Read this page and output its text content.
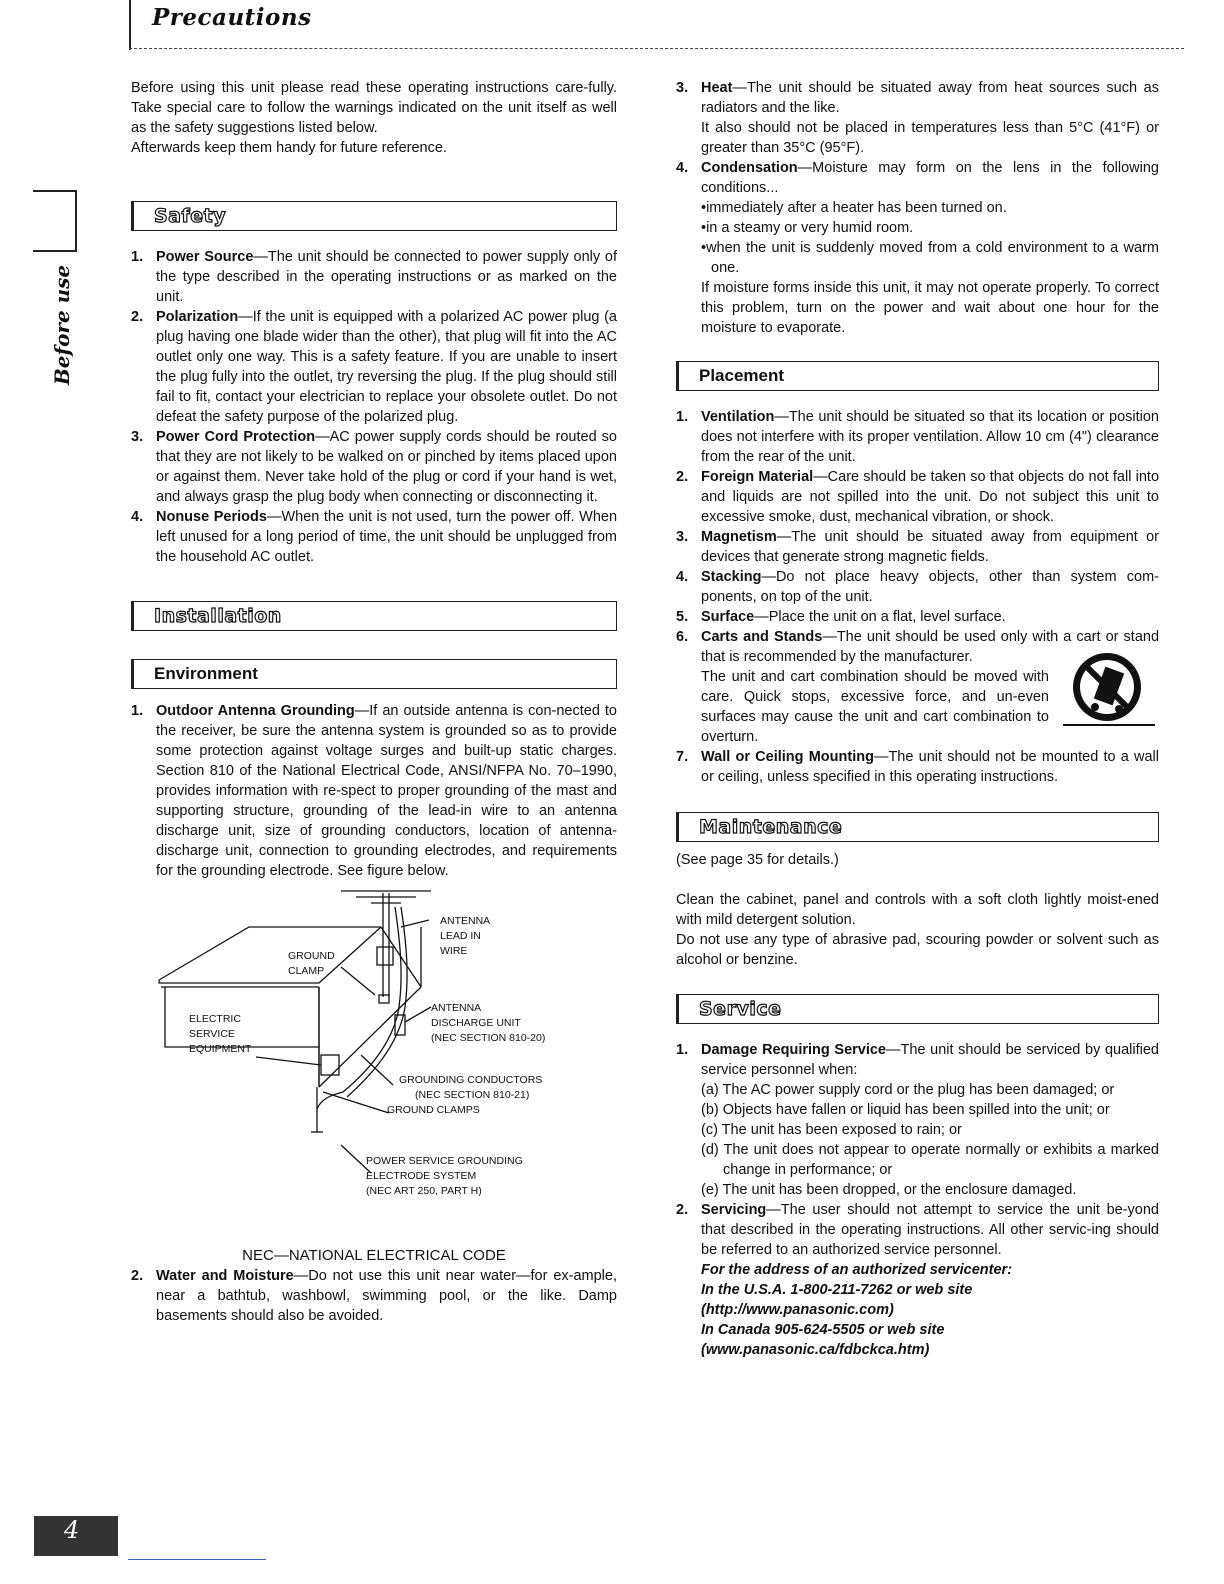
Precautions
Before use

Before using this unit please read these operating instructions care-fully. Take special care to follow the warnings indicated on the unit itself as well as the safety suggestions listed below.

Afterwards keep them handy for future reference.

Safety
1. Power Source—The unit should be connected to power supply only of the type described in the operating instructions or as marked on the unit.
2. Polarization—If the unit is equipped with a polarized AC power plug (a plug having one blade wider than the other), that plug will fit into the AC outlet only one way. This is a safety feature. If you are unable to insert the plug fully into the outlet, try reversing the plug. If the plug should still fail to fit, contact your electrician to replace your obsolete outlet. Do not defeat the safety purpose of the polarized plug.
3. Power Cord Protection—AC power supply cords should be routed so that they are not likely to be walked on or pinched by items placed upon or against them. Never take hold of the plug or cord if your hand is wet, and always grasp the plug body when connecting or disconnecting it.
4. Nonuse Periods—When the unit is not used, turn the power off. When left unused for a long period of time, the unit should be unplugged from the household AC outlet.
Installation
Environment
1. Outdoor Antenna Grounding—If an outside antenna is con-nected to the receiver, be sure the antenna system is grounded so as to provide some protection against voltage surges and built-up static charges. Section 810 of the National Electrical Code, ANSI/NFPA No. 70–1990, provides information with re-spect to proper grounding of the mast and supporting structure, grounding of the lead-in wire to an antenna discharge unit, size of grounding conductors, location of antenna-discharge unit, connection to grounding electrodes, and requirements for the grounding electrode. See figure below.
ANTENNA
LEAD IN
WIRE
GROUND
CLAMP
ELECTRIC
SERVICE
EQUIPMENT
ANTENNA
DISCHARGE UNIT
(NEC SECTION 810-20)
GROUNDING CONDUCTORS
(NEC SECTION 810-21)
GROUND CLAMPS
POWER SERVICE GROUNDING
ELECTRODE SYSTEM
(NEC ART 250, PART H)

NEC—NATIONAL ELECTRICAL CODE

2. Water and Moisture—Do not use this unit near water—for ex-ample, near a bathtub, washbowl, swimming pool, or the like. Damp basements should also be avoided.
3. Heat—The unit should be situated away from heat sources such as radiators and the like.
It also should not be placed in temperatures less than 5°C (41°F) or greater than 35°C (95°F).
4. Condensation—Moisture may form on the lens in the following conditions...
•immediately after a heater has been turned on.
•in a steamy or very humid room.
•when the unit is suddenly moved from a cold environment to a warm one.
If moisture forms inside this unit, it may not operate properly. To correct this problem, turn on the power and wait about one hour for the moisture to evaporate.
Placement
1. Ventilation—The unit should be situated so that its location or position does not interfere with its proper ventilation. Allow 10 cm (4") clearance from the rear of the unit.
2. Foreign Material—Care should be taken so that objects do not fall into and liquids are not spilled into the unit. Do not subject this unit to excessive smoke, dust, mechanical vibration, or shock.
3. Magnetism—The unit should be situated away from equipment or devices that generate strong magnetic fields.
4. Stacking—Do not place heavy objects, other than system com-ponents, on top of the unit.
5. Surface—Place the unit on a flat, level surface.
6. Carts and Stands—The unit should be used only with a cart or stand that is recommended by the manufacturer.
The unit and cart combination should be moved with care. Quick stops, excessive force, and un-even surfaces may cause the unit and cart combination to overturn.
7. Wall or Ceiling Mounting—The unit should not be mounted to a wall or ceiling, unless specified in this operating instructions.
Maintenance

(See page 35 for details.)

Clean the cabinet, panel and controls with a soft cloth lightly moist-ened with mild detergent solution.

Do not use any type of abrasive pad, scouring powder or solvent such as alcohol or benzine.

Service
1. Damage Requiring Service—The unit should be serviced by qualified service personnel when:
(a) The AC power supply cord or the plug has been damaged; or
(b) Objects have fallen or liquid has been spilled into the unit; or
(c) The unit has been exposed to rain; or
(d) The unit does not appear to operate normally or exhibits a marked change in performance; or
(e) The unit has been dropped, or the enclosure damaged.
2. Servicing—The user should not attempt to service the unit be-yond that described in the operating instructions. All other servic-ing should be referred to an authorized service personnel.
For the address of an authorized servicenter:
In the U.S.A. 1-800-211-7262 or web site
(http://www.panasonic.com)
In Canada 905-624-5505 or web site
(www.panasonic.ca/fdbckca.htm)
4
